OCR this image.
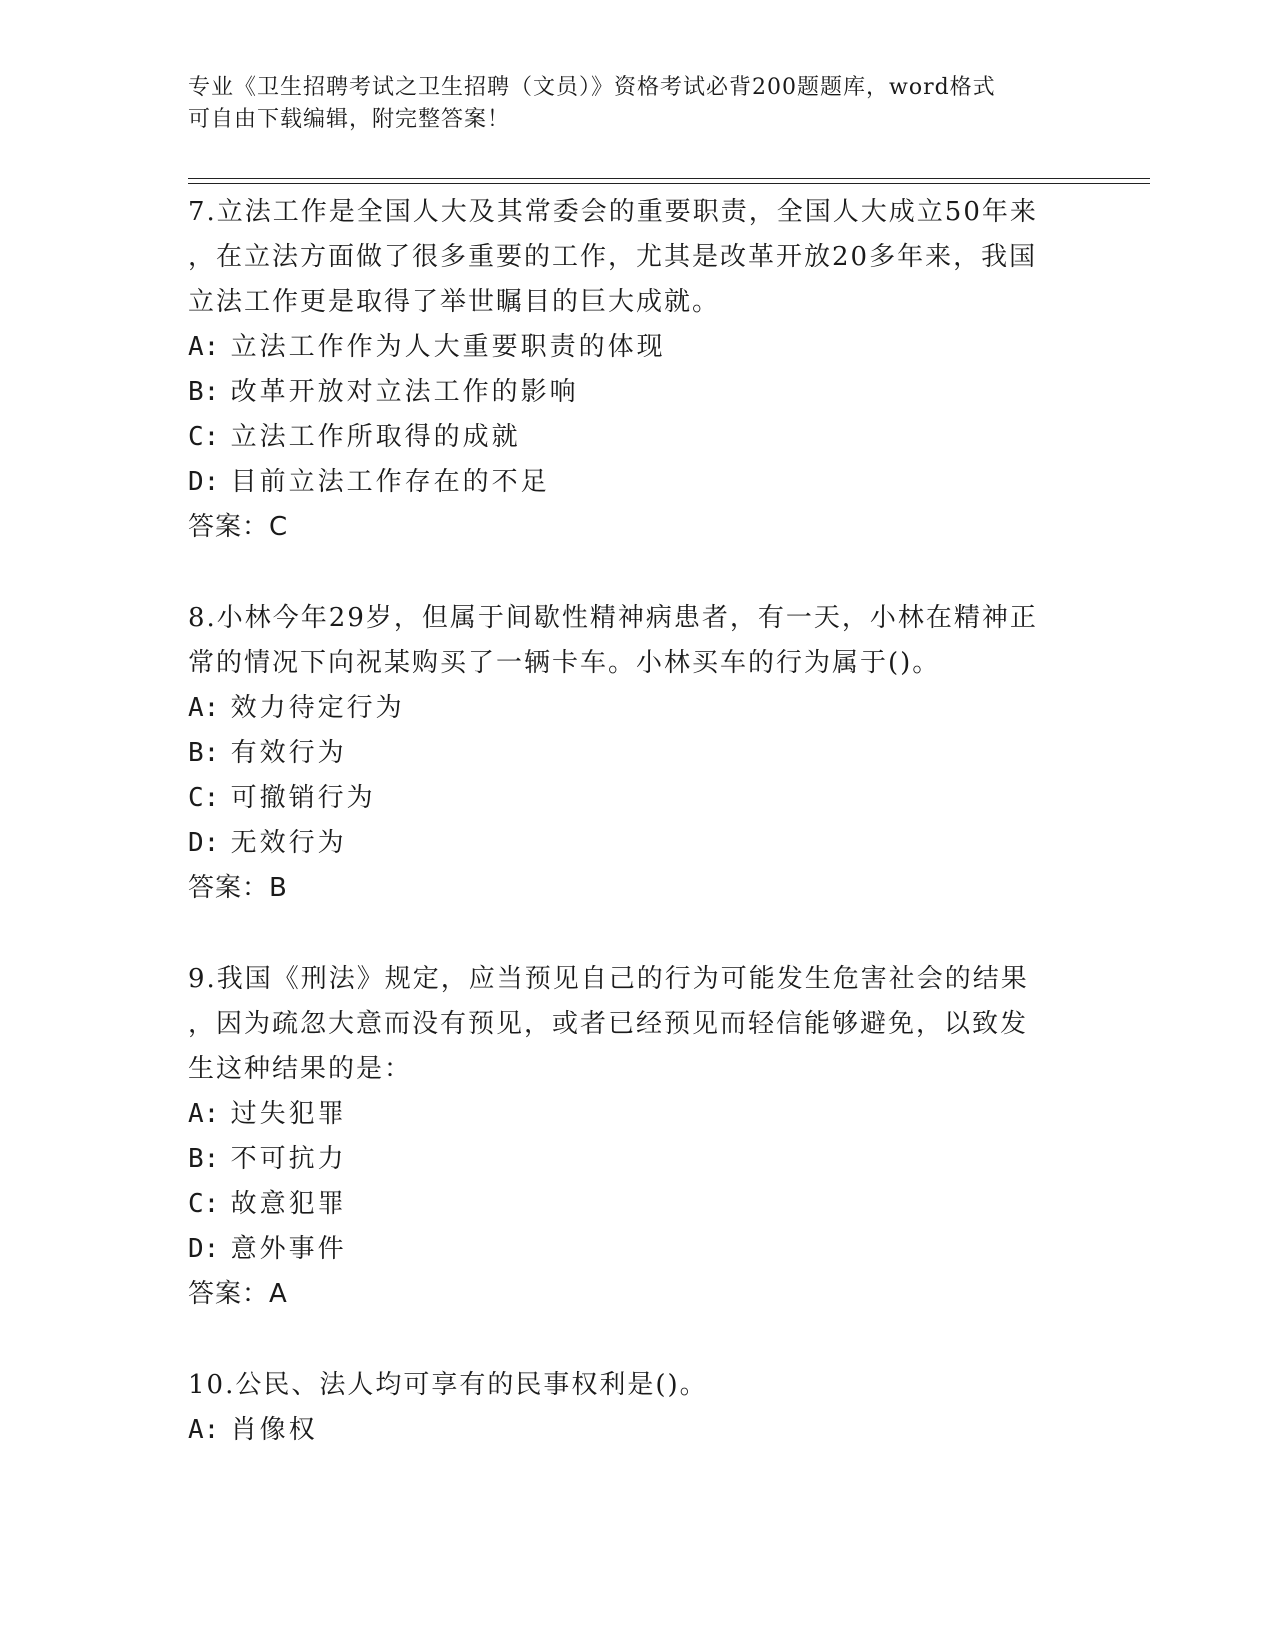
专业《卫生招聘考试之卫生招聘（文员）》资格考试必背200题题库，word格式
可自由下载编辑，附完整答案！
7.立法工作是全国人大及其常委会的重要职责，全国人大成立50年来
，在立法方面做了很多重要的工作，尤其是改革开放20多年来，我国
立法工作更是取得了举世瞩目的巨大成就。
A: 立法工作作为人大重要职责的体现
B: 改革开放对立法工作的影响
C: 立法工作所取得的成就
D: 目前立法工作存在的不足
答案：C
8.小林今年29岁，但属于间歇性精神病患者，有一天，小林在精神正
常的情况下向祝某购买了一辆卡车。小林买车的行为属于()。
A: 效力待定行为
B: 有效行为
C: 可撤销行为
D: 无效行为
答案：B
9.我国《刑法》规定，应当预见自己的行为可能发生危害社会的结果
，因为疏忽大意而没有预见，或者已经预见而轻信能够避免，以致发
生这种结果的是：
A: 过失犯罪
B: 不可抗力
C: 故意犯罪
D: 意外事件
答案：A
10.公民、法人均可享有的民事权利是()。
A: 肖像权
